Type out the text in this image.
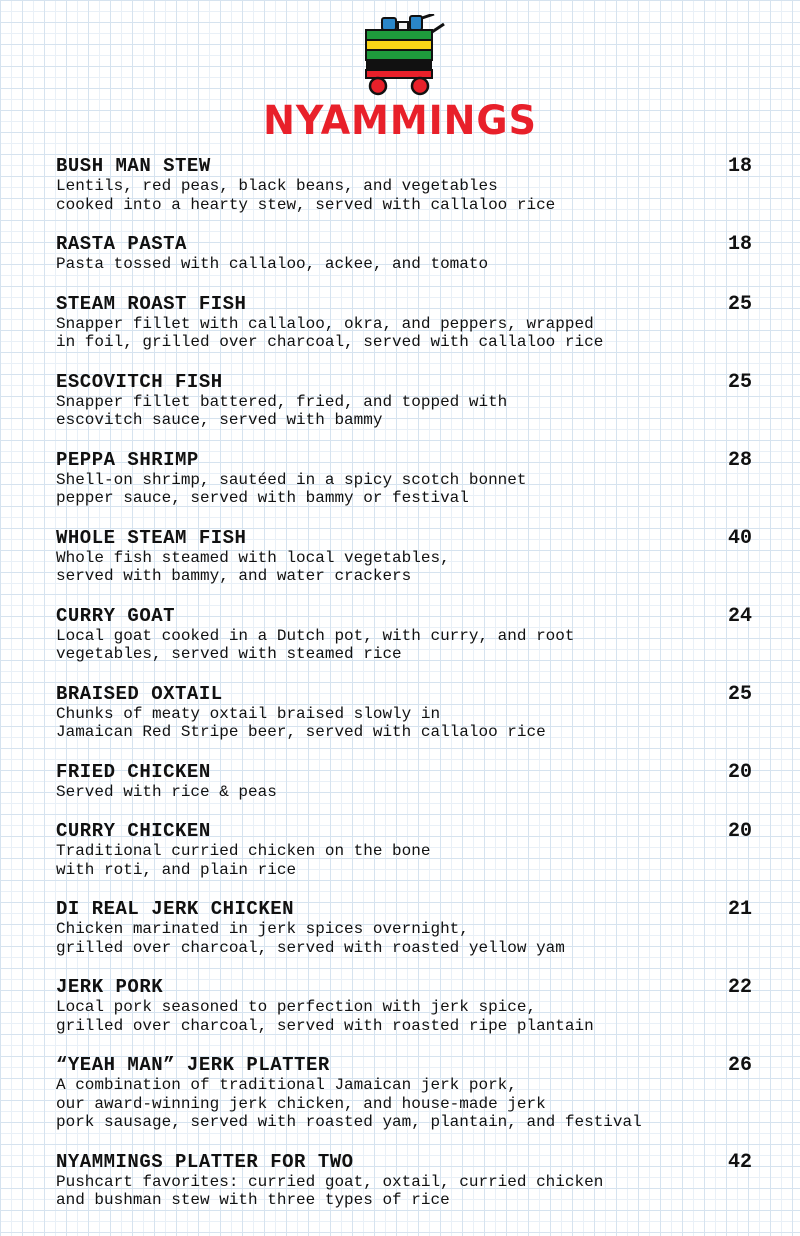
NYAMMINGS
BUSH MAN STEW	18
Lentils, red peas, black beans, and vegetables
cooked into a hearty stew, served with callaloo rice
RASTA PASTA	18
Pasta tossed with callaloo, ackee, and tomato
STEAM ROAST FISH	25
Snapper fillet with callaloo, okra, and peppers, wrapped
in foil, grilled over charcoal, served with callaloo rice
ESCOVITCH FISH	25
Snapper fillet battered, fried, and topped with
escovitch sauce, served with bammy
PEPPA SHRIMP	28
Shell-on shrimp, sautéed in a spicy scotch bonnet
pepper sauce, served with bammy or festival
WHOLE STEAM FISH	40
Whole fish steamed with local vegetables,
served with bammy, and water crackers
CURRY GOAT	24
Local goat cooked in a Dutch pot, with curry, and root
vegetables, served with steamed rice
BRAISED OXTAIL	25
Chunks of meaty oxtail braised slowly in
Jamaican Red Stripe beer, served with callaloo rice
FRIED CHICKEN	20
Served with rice & peas
CURRY CHICKEN	20
Traditional curried chicken on the bone
with roti, and plain rice
DI REAL JERK CHICKEN	21
Chicken marinated in jerk spices overnight,
grilled over charcoal, served with roasted yellow yam
JERK PORK	22
Local pork seasoned to perfection with jerk spice,
grilled over charcoal, served with roasted ripe plantain
“YEAH MAN” JERK PLATTER	26
A combination of traditional Jamaican jerk pork,
our award-winning jerk chicken, and house-made jerk
pork sausage, served with roasted yam, plantain, and festival
NYAMMINGS PLATTER FOR TWO	42
Pushcart favorites: curried goat, oxtail, curried chicken
and bushman stew with three types of rice
